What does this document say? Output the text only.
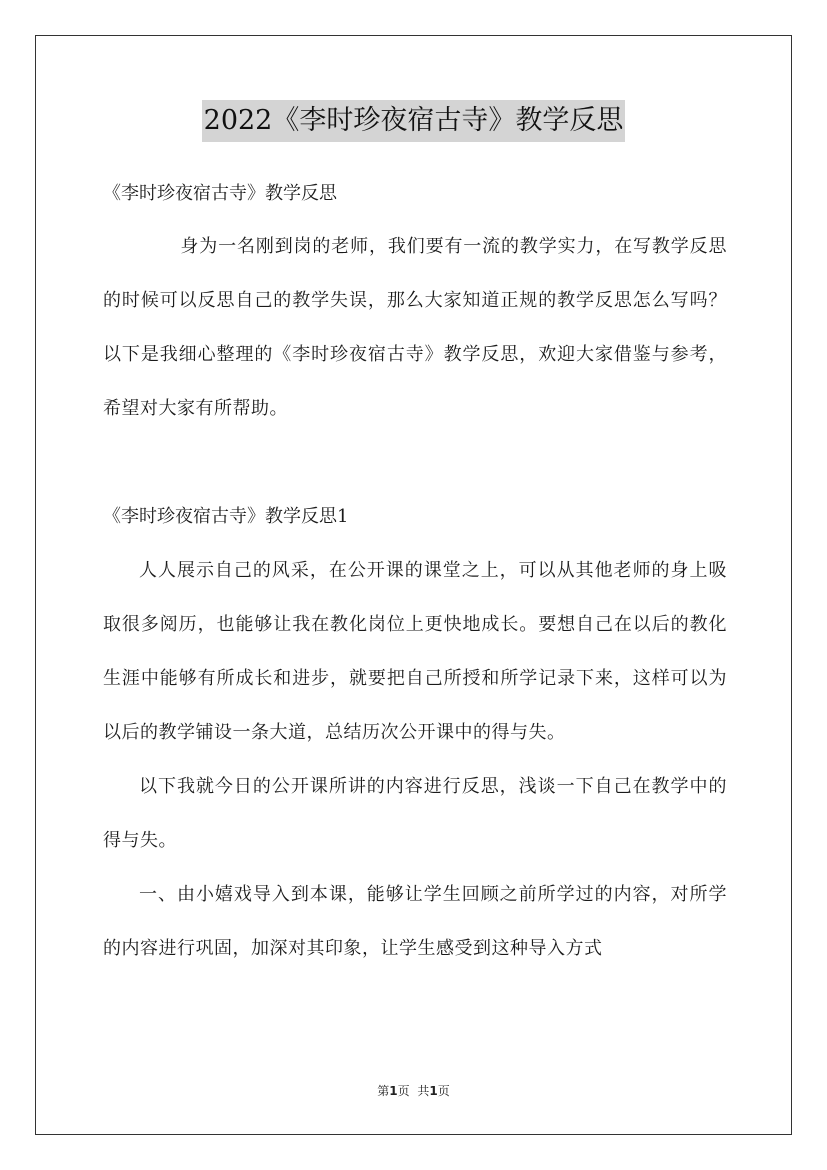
2022《李时珍夜宿古寺》教学反思

《李时珍夜宿古寺》教学反思

身为一名刚到岗的老师，我们要有一流的教学实力，在写教学反思的时候可以反思自己的教学失误，那么大家知道正规的教学反思怎么写吗？以下是我细心整理的《李时珍夜宿古寺》教学反思，欢迎大家借鉴与参考，希望对大家有所帮助。

《李时珍夜宿古寺》教学反思1

人人展示自己的风采，在公开课的课堂之上，可以从其他老师的身上吸取很多阅历，也能够让我在教化岗位上更快地成长。要想自己在以后的教化生涯中能够有所成长和进步，就要把自己所授和所学记录下来，这样可以为以后的教学铺设一条大道，总结历次公开课中的得与失。

以下我就今日的公开课所讲的内容进行反思，浅谈一下自己在教学中的得与失。

一、由小嬉戏导入到本课，能够让学生回顾之前所学过的内容，对所学的内容进行巩固，加深对其印象，让学生感受到这种导入方式

第1页 共1页
